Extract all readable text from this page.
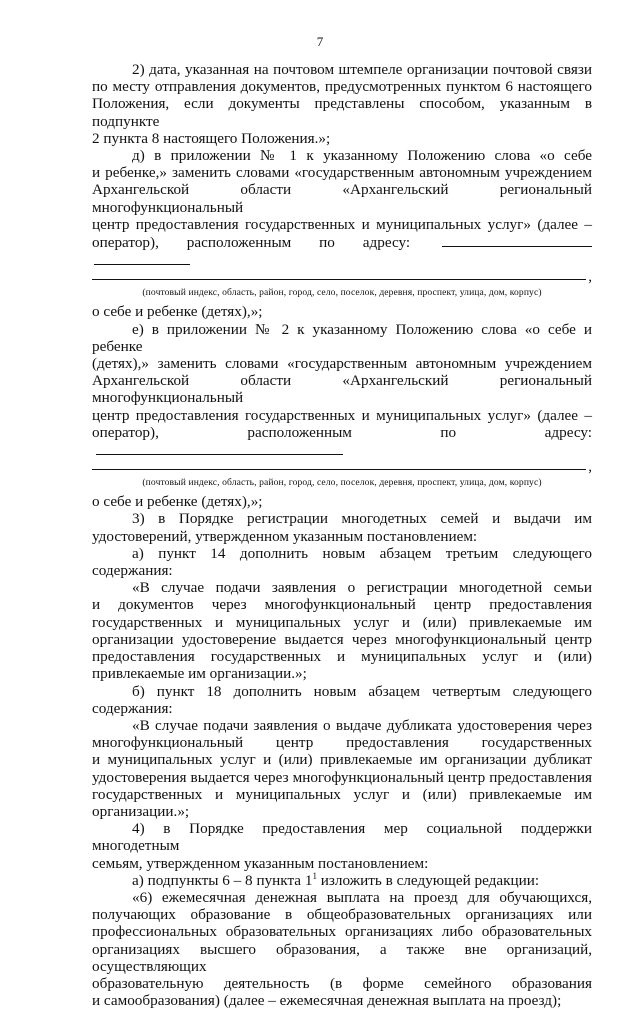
7
2) дата, указанная на почтовом штемпеле организации почтовой связи
по месту отправления документов, предусмотренных пунктом 6 настоящего
Положения, если документы представлены способом, указанным в подпункте
2 пункта 8 настоящего Положения.»;
д) в приложении № 1 к указанному Положению слова «о себе
и ребенке,» заменить словами «государственным автономным учреждением
Архангельской области «Архангельский региональный многофункциональный
центр предоставления государственных и муниципальных услуг» (далее –
оператор), расположенным по адресу:
,
(почтовый индекс, область, район, город, село, поселок, деревня, проспект, улица, дом, корпус)
о себе и ребенке (детях),»;
е) в приложении № 2 к указанному Положению слова «о себе и ребенке
(детях),» заменить словами «государственным автономным учреждением
Архангельской области «Архангельский региональный многофункциональный
центр предоставления государственных и муниципальных услуг» (далее –
оператор), расположенным по адресу:
,
(почтовый индекс, область, район, город, село, поселок, деревня, проспект, улица, дом, корпус)
о себе и ребенке (детях),»;
3) в Порядке регистрации многодетных семей и выдачи им
удостоверений, утвержденном указанным постановлением:
а) пункт 14 дополнить новым абзацем третьим следующего содержания:
«В случае подачи заявления о регистрации многодетной семьи
и документов через многофункциональный центр предоставления
государственных и муниципальных услуг и (или) привлекаемые им
организации удостоверение выдается через многофункциональный центр
предоставления государственных и муниципальных услуг и (или)
привлекаемые им организации.»;
б) пункт 18 дополнить новым абзацем четвертым следующего содержания:
«В случае подачи заявления о выдаче дубликата удостоверения через
многофункциональный центр предоставления государственных
и муниципальных услуг и (или) привлекаемые им организации дубликат
удостоверения выдается через многофункциональный центр предоставления
государственных и муниципальных услуг и (или) привлекаемые им
организации.»;
4) в Порядке предоставления мер социальной поддержки многодетным
семьям, утвержденном указанным постановлением:
а) подпункты 6 – 8 пункта $1^1$ изложить в следующей редакции:
«6) ежемесячная денежная выплата на проезд для обучающихся,
получающих образование в общеобразовательных организациях или
профессиональных образовательных организациях либо образовательных
организациях высшего образования, а также вне организаций, осуществляющих
образовательную деятельность (в форме семейного образования
и самообразования) (далее – ежемесячная денежная выплата на проезд);
